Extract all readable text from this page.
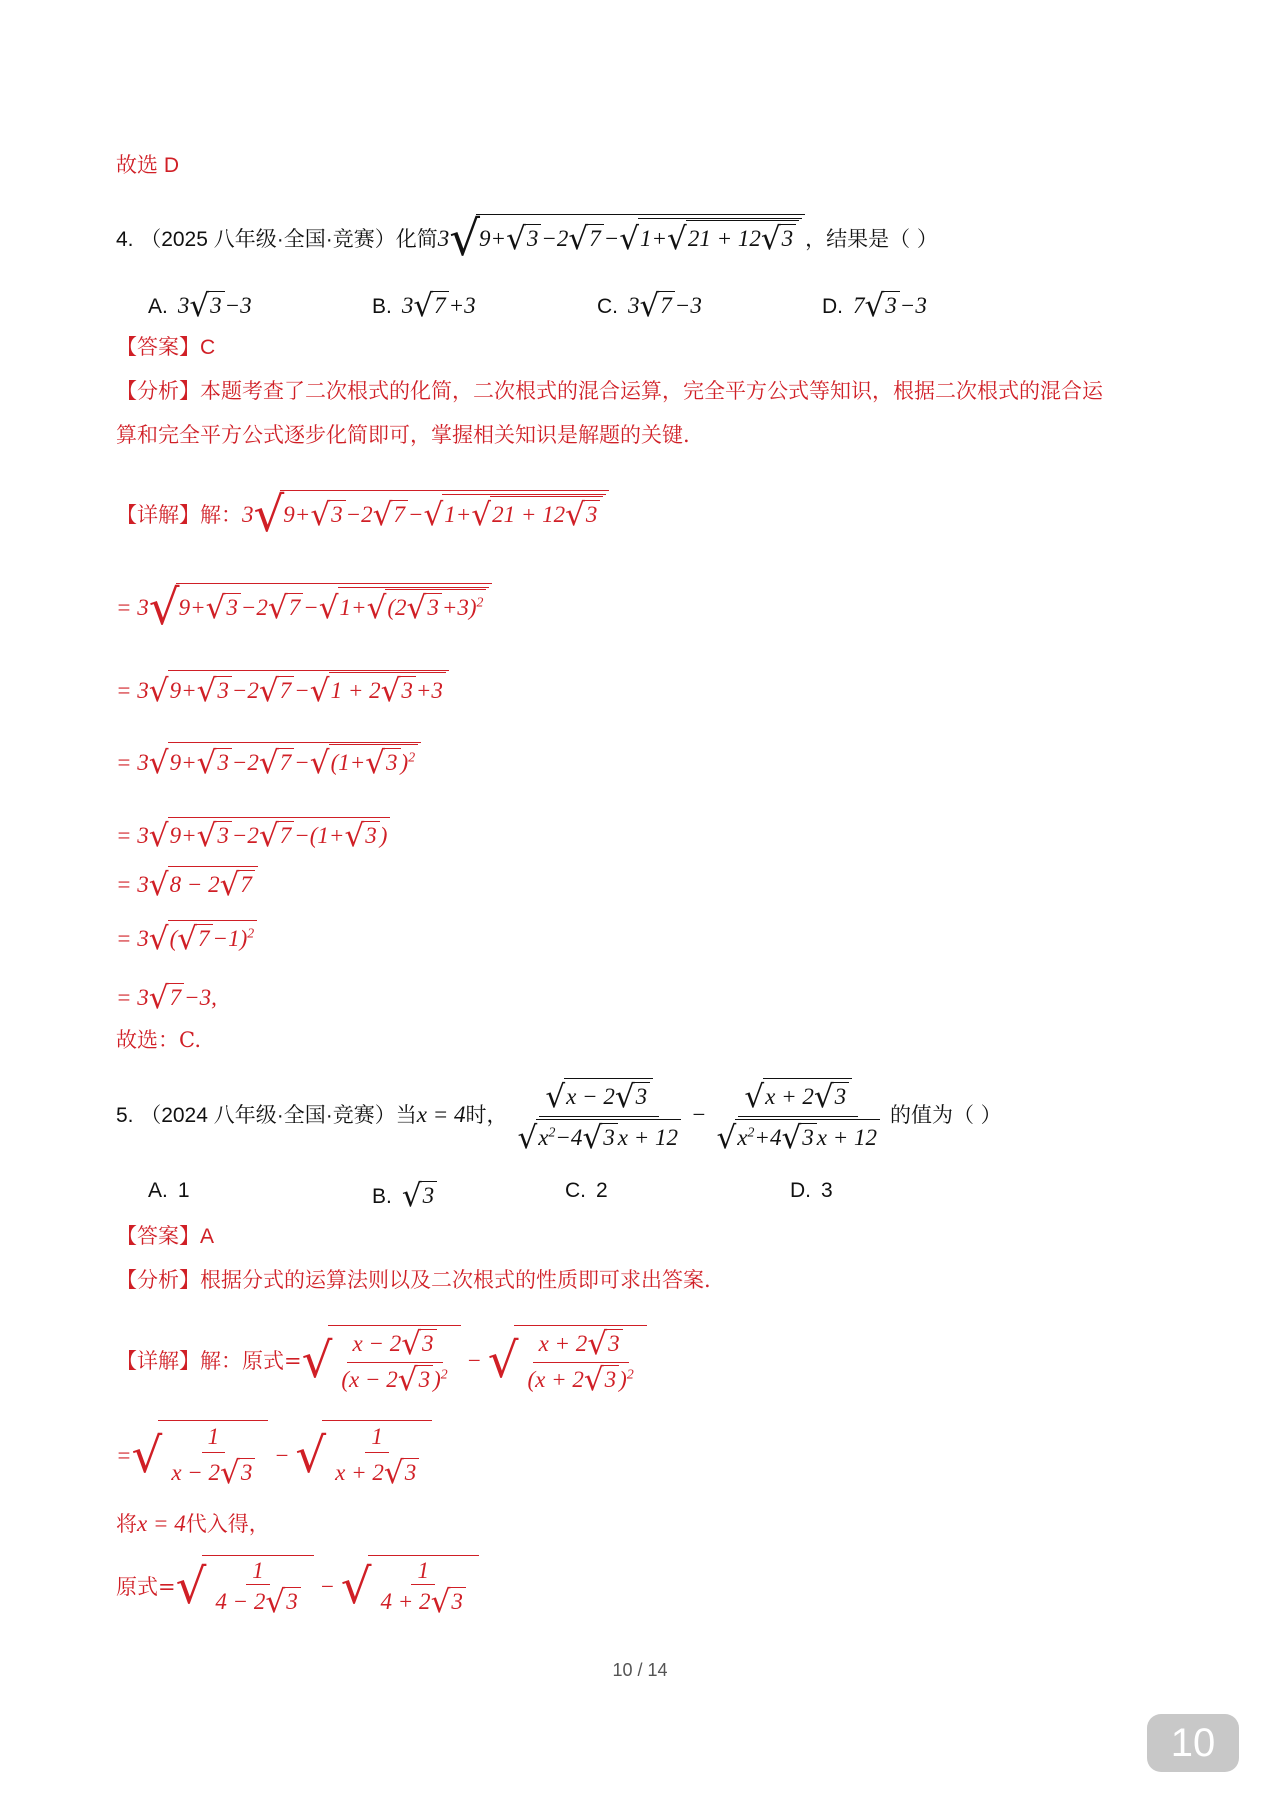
故选 D
4. （2025 八年级·全国·竞赛）化简3√9+√3 −2√7 −√1+√21 + 12√3 ，结果是（ ）
A. 3√3 −3	B. 3√7 +3	C. 3√7 −3	D. 7√3 −3
【答案】C
【分析】本题考查了二次根式的化简，二次根式的混合运算，完全平方公式等知识，根据二次根式的混合运
算和完全平方公式逐步化简即可，掌握相关知识是解题的关键.
【详解】解：3√9+√3 −2√7 −√1+√21 + 12√3
= $3√9+√3 -2√7 -√1+√(2√3 +3)^2$
= 3√9+√3 −2√7 −√1 + 2√3 +3
= 3√9+√3 −2√7 −√(1+√3 )$^2$
= 3√9+√3 −2√7 −(1+√3 )
= 3√8 − 2√7
= $3√(√7 -1)^2$
= 3√7 −3,
故选：C.
5. （2024 八年级·全国·竞赛）当x = 4时， $\frac{√x - 2√3}{√x^2-4√3 x + 12} - \frac{√x + 2√3}{√x^2+4√3 x + 12}$ 的值为（ ）
A. 1	B. √3	C. 2	D. 3
【答案】A
【分析】根据分式的运算法则以及二次根式的性质即可求出答案.
【详解】解：原式=√ $\frac{x - 2√3}{(x - 2√3 )^2}$ − √ $\frac{x + 2√3}{(x + 2√3 )^2}$
=√ $\frac{1}{x - 2√3}$ − √ $\frac{1}{x + 2√3}$
将x = 4代入得，
原式=√ $\frac{1}{4 - 2√3}$ − √ $\frac{1}{4 + 2√3}$
10 / 14
10
